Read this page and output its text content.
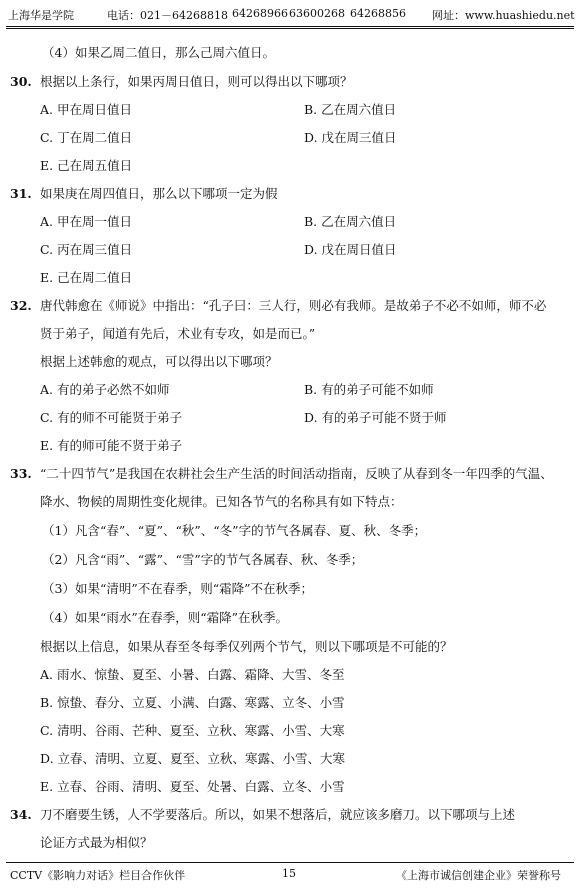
上海华是学院	电话：021－64268818 64268966 63600268 64268856 网址：www.huashiedu.net
（4）如果乙周二值日，那么己周六值日。
30. 根据以上条行，如果丙周日值日，则可以得出以下哪项？
A. 甲在周日值日	B. 乙在周六值日
C. 丁在周二值日	D. 戊在周三值日
E. 己在周五值日
31. 如果庚在周四值日，那么以下哪项一定为假
A. 甲在周一值日	B. 乙在周六值日
C. 丙在周三值日	D. 戊在周日值日
E. 己在周二值日
32. 唐代韩愈在《师说》中指出：“孔子曰：三人行，则必有我师。是故弟子不必不如师，师不必
贤于弟子，闻道有先后，术业有专攻，如是而已。”
根据上述韩愈的观点，可以得出以下哪项？
A. 有的弟子必然不如师	B. 有的弟子可能不如师
C. 有的师不可能贤于弟子	D. 有的弟子可能不贤于师
E. 有的师可能不贤于弟子
33. “二十四节气”是我国在农耕社会生产生活的时间活动指南，反映了从春到冬一年四季的气温、
降水、物候的周期性变化规律。已知各节气的名称具有如下特点：
（1）凡含“春”、“夏”、“秋”、“冬”字的节气各属春、夏、秋、冬季；
（2）凡含“雨”、“露”、“雪”字的节气各属春、秋、冬季；
（3）如果“清明”不在春季，则“霜降”不在秋季；
（4）如果“雨水”在春季，则“霜降”在秋季。
根据以上信息，如果从春至冬每季仅列两个节气，则以下哪项是不可能的？
A. 雨水、惊蛰、夏至、小暑、白露、霜降、大雪、冬至
B. 惊蛰、春分、立夏、小满、白露、寒露、立冬、小雪
C. 清明、谷雨、芒种、夏至、立秋、寒露、小雪、大寒
D. 立春、清明、立夏、夏至、立秋、寒露、小雪、大寒
E. 立春、谷雨、清明、夏至、处暑、白露、立冬、小雪
34. 刀不磨要生锈，人不学要落后。所以，如果不想落后，就应该多磨刀。以下哪项与上述
论证方式最为相似？
CCTV《影响力对话》栏目合作伙伴	15	《上海市诚信创建企业》荣誉称号
